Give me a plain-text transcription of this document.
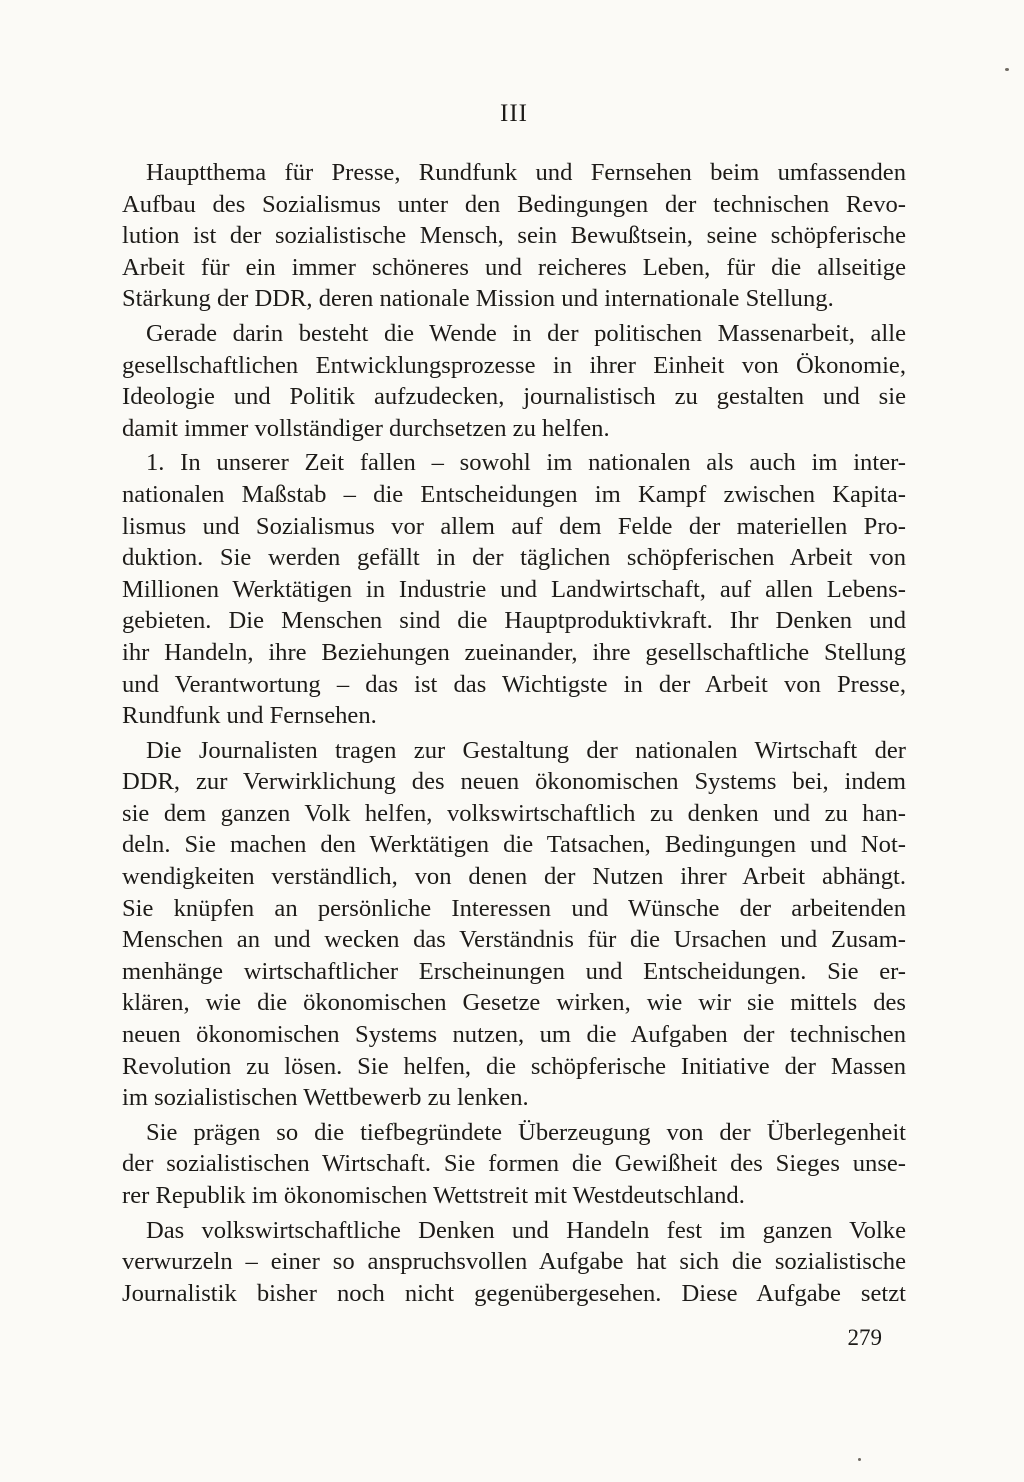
III
Hauptthema für Presse, Rundfunk und Fernsehen beim umfassenden
Aufbau des Sozialismus unter den Bedingungen der technischen Revo-
lution ist der sozialistische Mensch, sein Bewußtsein, seine schöpferische
Arbeit für ein immer schöneres und reicheres Leben, für die allseitige
Stärkung der DDR, deren nationale Mission und internationale Stellung.
Gerade darin besteht die Wende in der politischen Massenarbeit, alle
gesellschaftlichen Entwicklungsprozesse in ihrer Einheit von Ökonomie,
Ideologie und Politik aufzudecken, journalistisch zu gestalten und sie
damit immer vollständiger durchsetzen zu helfen.
1. In unserer Zeit fallen – sowohl im nationalen als auch im inter-
nationalen Maßstab – die Entscheidungen im Kampf zwischen Kapita-
lismus und Sozialismus vor allem auf dem Felde der materiellen Pro-
duktion. Sie werden gefällt in der täglichen schöpferischen Arbeit von
Millionen Werktätigen in Industrie und Landwirtschaft, auf allen Lebens-
gebieten. Die Menschen sind die Hauptproduktivkraft. Ihr Denken und
ihr Handeln, ihre Beziehungen zueinander, ihre gesellschaftliche Stellung
und Verantwortung – das ist das Wichtigste in der Arbeit von Presse,
Rundfunk und Fernsehen.
Die Journalisten tragen zur Gestaltung der nationalen Wirtschaft der
DDR, zur Verwirklichung des neuen ökonomischen Systems bei, indem
sie dem ganzen Volk helfen, volkswirtschaftlich zu denken und zu han-
deln. Sie machen den Werktätigen die Tatsachen, Bedingungen und Not-
wendigkeiten verständlich, von denen der Nutzen ihrer Arbeit abhängt.
Sie knüpfen an persönliche Interessen und Wünsche der arbeitenden
Menschen an und wecken das Verständnis für die Ursachen und Zusam-
menhänge wirtschaftlicher Erscheinungen und Entscheidungen. Sie er-
klären, wie die ökonomischen Gesetze wirken, wie wir sie mittels des
neuen ökonomischen Systems nutzen, um die Aufgaben der technischen
Revolution zu lösen. Sie helfen, die schöpferische Initiative der Massen
im sozialistischen Wettbewerb zu lenken.
Sie prägen so die tiefbegründete Überzeugung von der Überlegenheit
der sozialistischen Wirtschaft. Sie formen die Gewißheit des Sieges unse-
rer Republik im ökonomischen Wettstreit mit Westdeutschland.
Das volkswirtschaftliche Denken und Handeln fest im ganzen Volke
verwurzeln – einer so anspruchsvollen Aufgabe hat sich die sozialistische
Journalistik bisher noch nicht gegenübergesehen. Diese Aufgabe setzt
279
